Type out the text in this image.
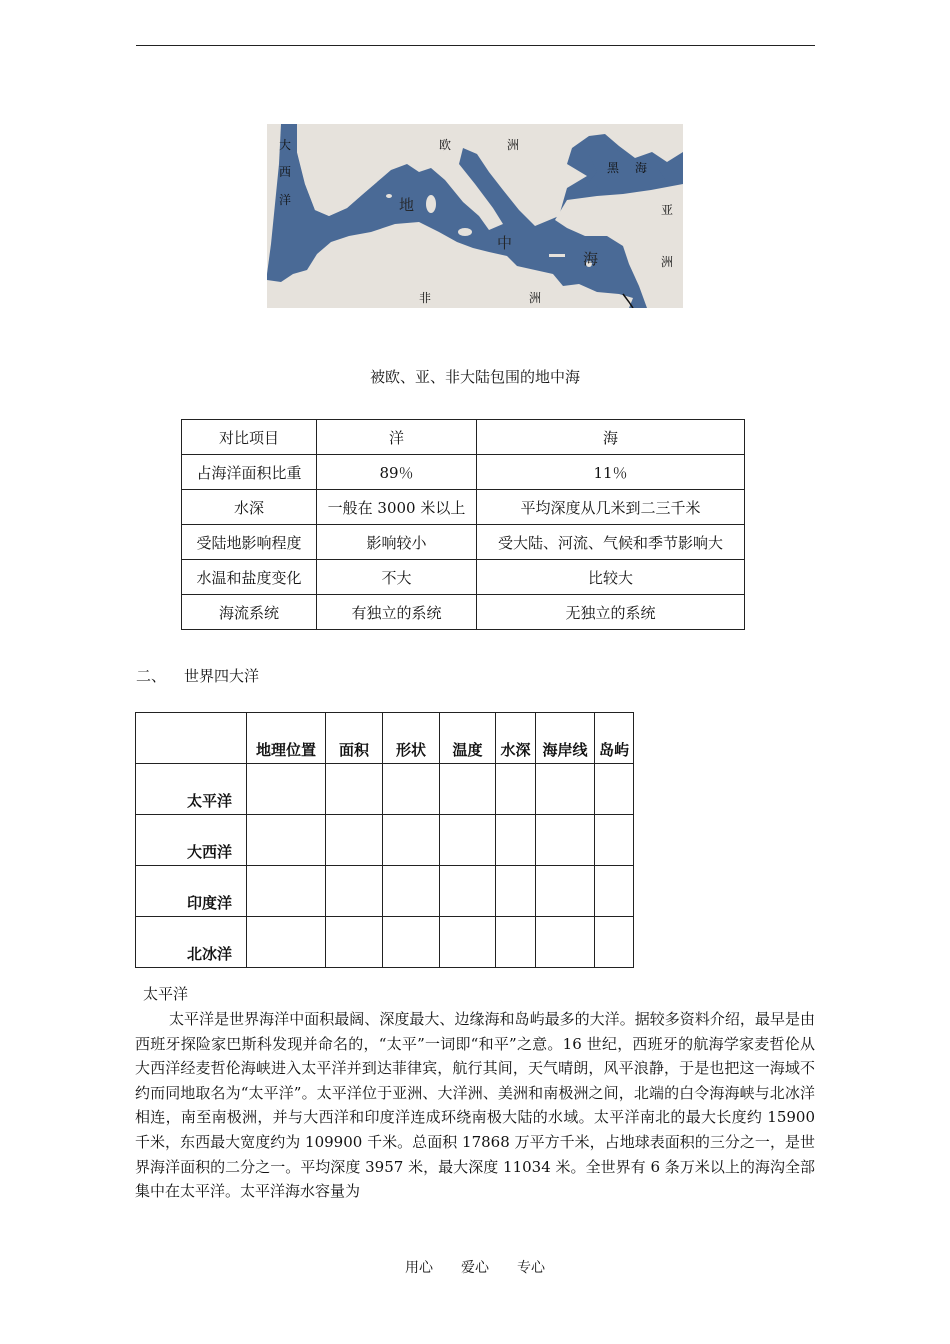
大
西
洋
欧	洲
黑 海
亚
洲
地
中
海
非	洲
被欧、亚、非大陆包围的地中海
对比项目	洋	海
占海洋面积比重	89％	11％
水深	一般在 3000 米以上	平均深度从几米到二三千米
受陆地影响程度	影响较小	受大陆、河流、气候和季节影响大
水温和盐度变化	不大	比较大
海流系统	有独立的系统	无独立的系统
二、 世界四大洋
	地理位置	面积	形状	温度	水深	海岸线	岛屿
太平洋							
大西洋							
印度洋							
北冰洋							
太平洋

太平洋是世界海洋中面积最阔、深度最大、边缘海和岛屿最多的大洋。据较多资料介绍，最早是由西班牙探险家巴斯科发现并命名的，“太平”一词即“和平”之意。16 世纪，西班牙的航海学家麦哲伦从大西洋经麦哲伦海峡进入太平洋并到达菲律宾，航行其间，天气晴朗，风平浪静，于是也把这一海域不约而同地取名为“太平洋”。太平洋位于亚洲、大洋洲、美洲和南极洲之间，北端的白令海海峡与北冰洋相连，南至南极洲，并与大西洋和印度洋连成环绕南极大陆的水域。太平洋南北的最大长度约 15900 千米，东西最大宽度约为 109900 千米。总面积 17868 万平方千米，占地球表面积的三分之一，是世界海洋面积的二分之一。平均深度 3957 米，最大深度 11034 米。全世界有 6 条万米以上的海沟全部集中在太平洋。太平洋海水容量为

用心 爱心 专心
